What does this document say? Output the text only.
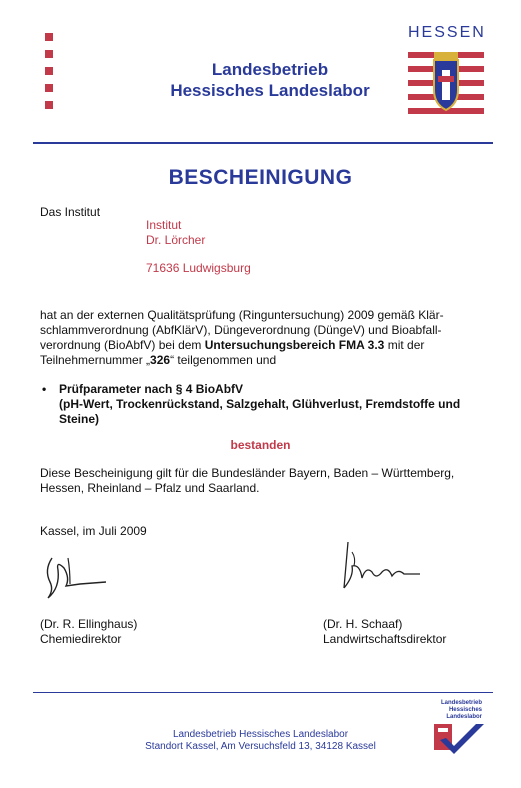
Landesbetrieb
Hessisches Landeslabor
HESSEN
BESCHEINIGUNG
Das Institut
Institut
Dr. Lörcher
71636 Ludwigsburg
hat an der externen Qualitätsprüfung (Ringuntersuchung) 2009 gemäß Klär-
schlammverordnung (AbfKlärV), Düngeverordnung (DüngeV) und Bioabfall-
verordnung (BioAbfV) bei dem Untersuchungsbereich FMA 3.3 mit der
Teilnehmernummer „326“ teilgenommen und
• Prüfparameter nach § 4 BioAbfV
(pH-Wert, Trockenrückstand, Salzgehalt, Glühverlust, Fremdstoffe und
Steine)
bestanden
Diese Bescheinigung gilt für die Bundesländer Bayern, Baden – Württemberg,
Hessen, Rheinland – Pfalz und Saarland.
Kassel, im Juli 2009
(Dr. R. Ellinghaus)
Chemiedirektor
(Dr. H. Schaaf)
Landwirtschaftsdirektor
Landesbetrieb Hessisches Landeslabor
Standort Kassel, Am Versuchsfeld 13, 34128 Kassel
Landesbetrieb
Hessisches
Landeslabor
